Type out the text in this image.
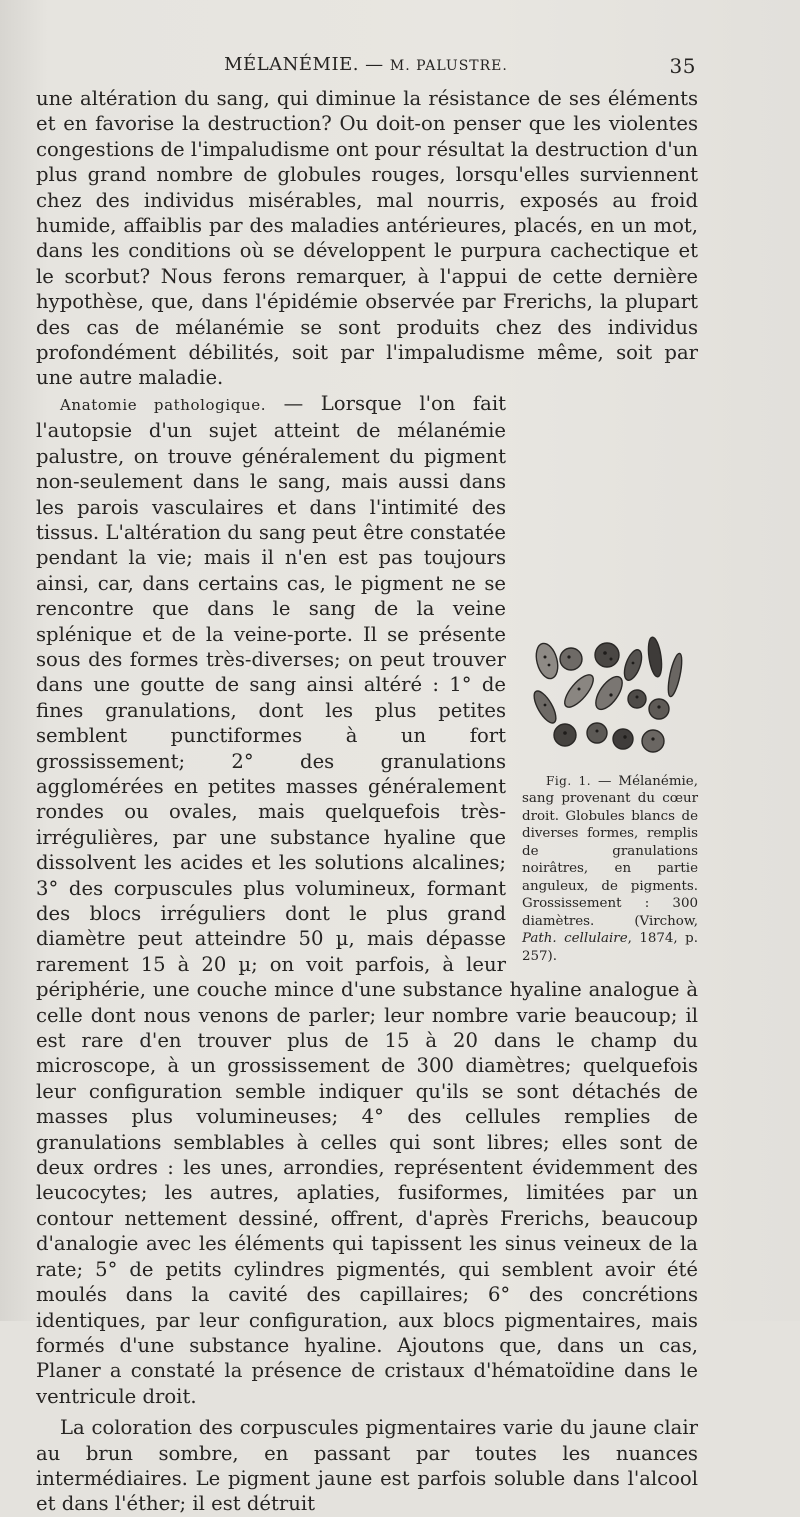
MÉLANÉMIE. — M. PALUSTRE.	35

une altération du sang, qui diminue la résistance de ses éléments et en favorise la destruction? Ou doit-on penser que les violentes congestions de l'impaludisme ont pour résultat la destruction d'un plus grand nombre de globules rouges, lorsqu'elles surviennent chez des individus misérables, mal nourris, exposés au froid humide, affaiblis par des maladies antérieures, placés, en un mot, dans les conditions où se développent le purpura cachectique et le scorbut? Nous ferons remarquer, à l'appui de cette dernière hypothèse, que, dans l'épidémie observée par Frerichs, la plupart des cas de mélanémie se sont produits chez des individus profondément débilités, soit par l'impaludisme même, soit par une autre maladie.

Anatomie pathologique.
Fig. 1. — Mélanémie, sang provenant du cœur droit. Globules blancs de diverses formes, remplis de granulations noirâtres, en partie anguleux, de pigments. Grossissement : 300 diamètres. (Virchow, Path. cellulaire, 1874, p. 257).
— Lorsque l'on fait l'autopsie d'un sujet atteint de mélanémie palustre, on trouve généralement du pigment non-seulement dans le sang, mais aussi dans les parois vasculaires et dans l'intimité des tissus. L'altération du sang peut être constatée pendant la vie; mais il n'en est pas toujours ainsi, car, dans certains cas, le pigment ne se rencontre que dans le sang de la veine splénique et de la veine-porte. Il se présente sous des formes très-diverses; on peut trouver dans une goutte de sang ainsi altéré : 1° de fines granulations, dont les plus petites semblent punctiformes à un fort grossissement; 2° des granulations agglomérées en petites masses généralement rondes ou ovales, mais quelquefois très-irrégulières, par une substance hyaline que dissolvent les acides et les solutions alcalines; 3° des corpuscules plus volumineux, formant des blocs irréguliers dont le plus grand diamètre peut atteindre 50 µ, mais dépasse rarement 15 à 20 µ; on voit parfois, à leur périphérie, une couche mince d'une substance hyaline analogue à celle dont nous venons de parler; leur nombre varie beaucoup; il est rare d'en trouver plus de 15 à 20 dans le champ du microscope, à un grossissement de 300 diamètres; quelquefois leur configuration semble indiquer qu'ils se sont détachés de masses plus volumineuses; 4° des cellules remplies de granulations semblables à celles qui sont libres; elles sont de deux ordres : les unes, arrondies, représentent évidemment des leucocytes; les autres, aplaties, fusiformes, limitées par un contour nettement dessiné, offrent, d'après Frerichs, beaucoup d'analogie avec les éléments qui tapissent les sinus veineux de la rate; 5° de petits cylindres pigmentés, qui semblent avoir été moulés dans la cavité des capillaires; 6° des concrétions identiques, par leur configuration, aux blocs pigmentaires, mais formés d'une substance hyaline. Ajoutons que, dans un cas, Planer a constaté la présence de cristaux d'hématoïdine dans le ventricule droit.

La coloration des corpuscules pigmentaires varie du jaune clair au brun sombre, en passant par toutes les nuances intermédiaires. Le pigment jaune est parfois soluble dans l'alcool et dans l'éther; il est détruit
